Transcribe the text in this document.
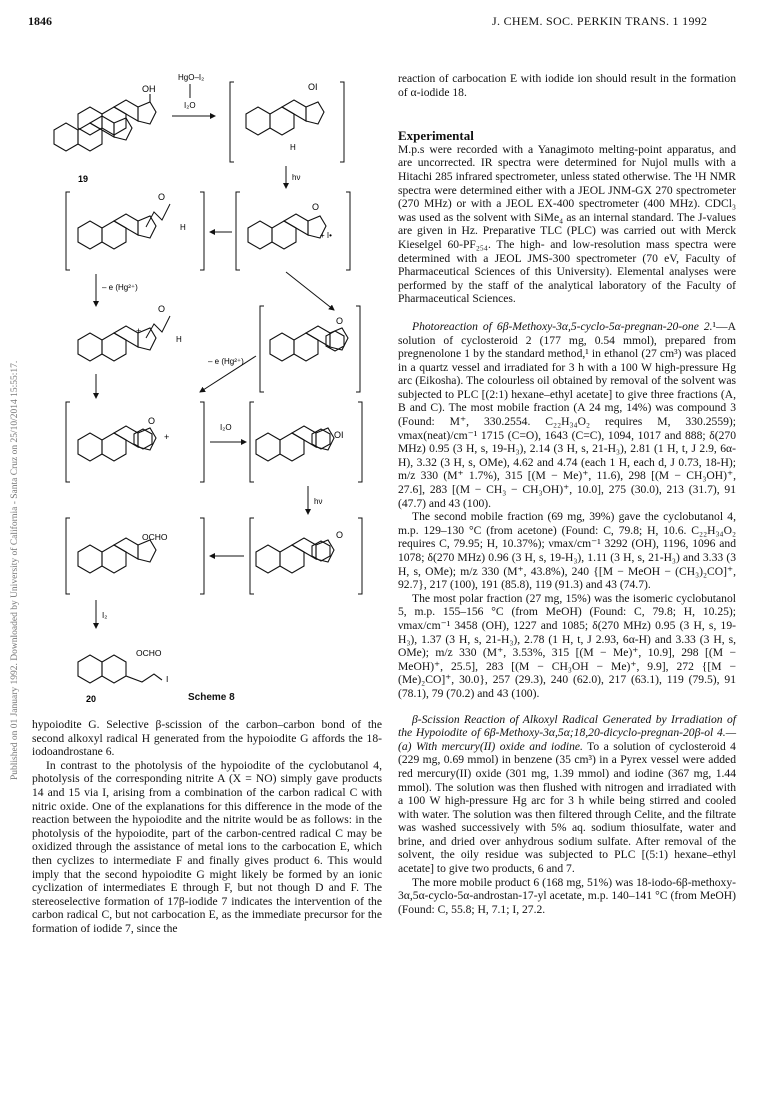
1846	J. CHEM. SOC. PERKIN TRANS. 1 1992
Published on 01 January 1992. Downloaded by University of California - Santa Cruz on 25/10/2014 15:55:17.
OH
19
HgO–I₂
I₂O
OI
H
hν
O
H
O
+ I•
– e (Hg²⁺)
O
H
+
O
– e (Hg²⁺)
O
+
I₂O
OI
hν
OCHO	O
I₂
OCHO
I
20	Scheme 8

hypoiodite G. Selective β-scission of the carbon–carbon bond of the second alkoxyl radical H generated from the hypoiodite G affords the 18-iodoandrostane 6.

In contrast to the photolysis of the hypoiodite of the cyclobutanol 4, photolysis of the corresponding nitrite A (X = NO) simply gave products 14 and 15 via I, arising from a combination of the carbon radical C with nitric oxide. One of the explanations for this difference in the mode of the reaction between the hypoiodite and the nitrite would be as follows: in the photolysis of the hypoiodite, part of the carbon-centred radical C may be oxidized through the assistance of metal ions to the carbocation E, which then cyclizes to intermediate F and finally gives product 6. This would imply that the second hypoiodite G might likely be formed by an ionic cyclization of intermediates E through F, but not though D and F. The stereoselective formation of 17β-iodide 7 indicates the intervention of the carbon radical C, but not carbocation E, as the immediate precursor for the formation of iodide 7, since the

reaction of carbocation E with iodide ion should result in the formation of α-iodide 18.

Experimental

M.p.s were recorded with a Yanagimoto melting-point apparatus, and are uncorrected. IR spectra were determined for Nujol mulls with a Hitachi 285 infrared spectrometer, unless stated otherwise. The ¹H NMR spectra were determined either with a JEOL JNM-GX 270 spectrometer (270 MHz) or with a JEOL EX-400 spectrometer (400 MHz). CDCl₃ was used as the solvent with SiMe₄ as an internal standard. The J-values are given in Hz. Preparative TLC (PLC) was carried out with Merck Kieselgel 60-PF₂₅₄. The high- and low-resolution mass spectra were determined with a JEOL JMS-300 spectrometer (70 eV, Faculty of Pharmaceutical Sciences of this University). Elemental analyses were performed by the staff of the analytical laboratory of the Faculty of Pharmaceutical Sciences.

Photoreaction of 6β-Methoxy-3α,5-cyclo-5α-pregnan-20-one 2.¹—A solution of cyclosteroid 2 (177 mg, 0.54 mmol), prepared from pregnenolone 1 by the standard method,¹ in ethanol (27 cm³) was placed in a quartz vessel and irradiated for 3 h with a 100 W high-pressure Hg arc (Eikosha). The colourless oil obtained by removal of the solvent was subjected to PLC [(2:1) hexane–ethyl acetate] to give three fractions (A, B and C). The most mobile fraction (A 24 mg, 14%) was compound 3 (Found: M⁺, 330.2554. C₂₂H₃₄O₂ requires M, 330.2559); νmax(neat)/cm⁻¹ 1715 (C=O), 1643 (C=C), 1094, 1017 and 888; δ(270 MHz) 0.95 (3 H, s, 19-H₃), 2.14 (3 H, s, 21-H₃), 2.81 (1 H, t, J 2.9, 6α-H), 3.32 (3 H, s, OMe), 4.62 and 4.74 (each 1 H, each d, J 0.73, 18-H); m/z 330 (M⁺ 1.7%), 315 [(M − Me)⁺, 11.6), 298 [(M − CH₃OH)⁺, 27.6], 283 [(M − CH₃ − CH₃OH)⁺, 10.0], 275 (30.0), 213 (31.7), 91 (47.7) and 43 (100).

The second mobile fraction (69 mg, 39%) gave the cyclobutanol 4, m.p. 129–130 °C (from acetone) (Found: C, 79.8; H, 10.6. C₂₂H₃₄O₂ requires C, 79.95; H, 10.37%); νmax/cm⁻¹ 3292 (OH), 1196, 1096 and 1078; δ(270 MHz) 0.96 (3 H, s, 19-H₃), 1.11 (3 H, s, 21-H₃) and 3.33 (3 H, s, OMe); m/z 330 (M⁺, 43.8%), 240 {[M − MeOH − (CH₃)₂CO]⁺, 92.7}, 217 (100), 191 (85.8), 119 (91.3) and 43 (74.7).

The most polar fraction (27 mg, 15%) was the isomeric cyclobutanol 5, m.p. 155–156 °C (from MeOH) (Found: C, 79.8; H, 10.25); νmax/cm⁻¹ 3458 (OH), 1227 and 1085; δ(270 MHz) 0.95 (3 H, s, 19-H₃), 1.37 (3 H, s, 21-H₃), 2.78 (1 H, t, J 2.93, 6α-H) and 3.33 (3 H, s, OMe); m/z 330 (M⁺, 3.53%, 315 [(M − Me)⁺, 10.9], 298 [(M − MeOH)⁺, 25.5], 283 [(M − CH₃OH − Me)⁺, 9.9], 272 {[M − (Me)₂CO]⁺, 30.0}, 257 (29.3), 240 (62.0), 217 (63.1), 119 (79.5), 91 (78.1), 79 (70.2) and 43 (100).

β-Scission Reaction of Alkoxyl Radical Generated by Irradiation of the Hypoiodite of 6β-Methoxy-3α,5α;18,20-dicyclo-pregnan-20β-ol 4.—(a) With mercury(II) oxide and iodine. To a solution of cyclosteroid 4 (229 mg, 0.69 mmol) in benzene (35 cm³) in a Pyrex vessel were added red mercury(II) oxide (301 mg, 1.39 mmol) and iodine (367 mg, 1.44 mmol). The solution was then flushed with nitrogen and irradiated with a 100 W high-pressure Hg arc for 3 h while being stirred and cooled with water. The solution was then filtered through Celite, and the filtrate was washed successively with 5% aq. sodium thiosulfate, water and brine, and dried over anhydrous sodium sulfate. After removal of the solvent, the oily residue was subjected to PLC [(5:1) hexane–ethyl acetate] to give two products, 6 and 7.

The more mobile product 6 (168 mg, 51%) was 18-iodo-6β-methoxy-3α,5α-cyclo-5α-androstan-17-yl acetate, m.p. 140–141 °C (from MeOH) (Found: C, 55.8; H, 7.1; I, 27.2.
